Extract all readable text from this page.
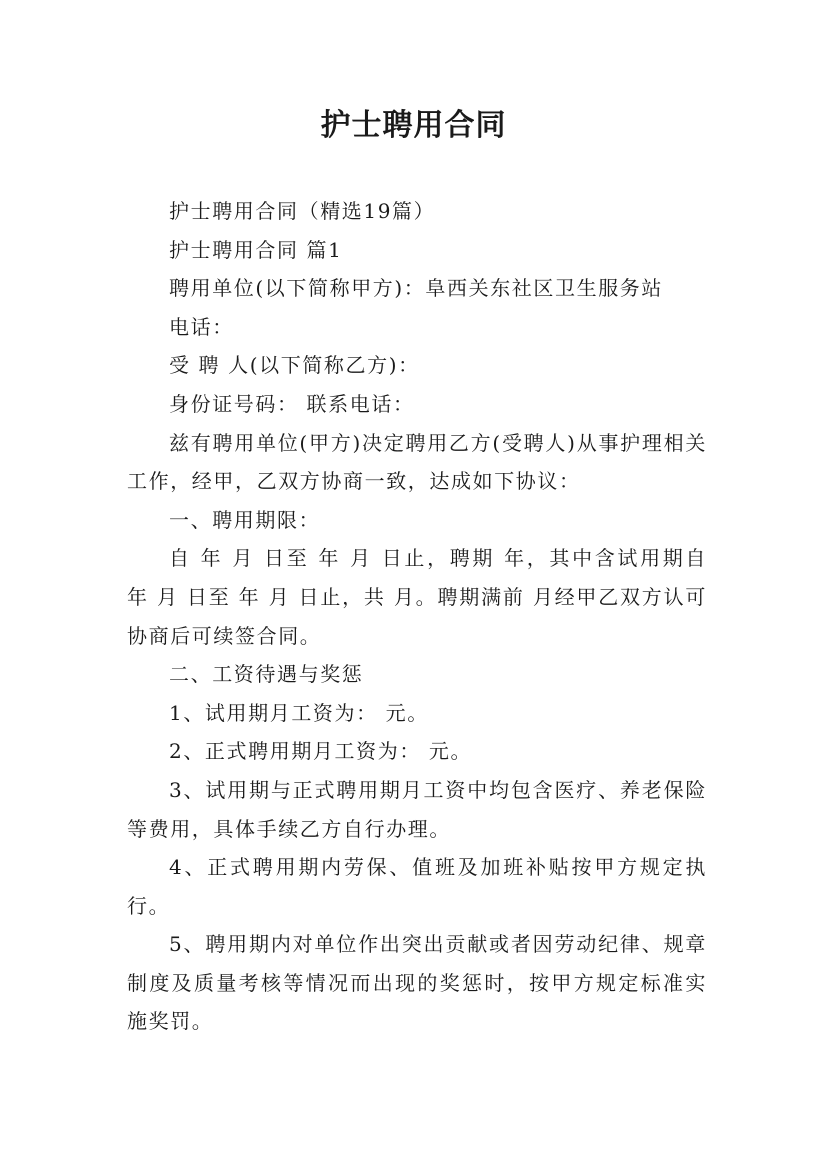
护士聘用合同

护士聘用合同（精选19篇）

护士聘用合同 篇1

聘用单位(以下简称甲方)：阜西关东社区卫生服务站

电话：

受 聘 人(以下简称乙方)：

身份证号码： 联系电话：

兹有聘用单位(甲方)决定聘用乙方(受聘人)从事护理相关工作，经甲，乙双方协商一致，达成如下协议：

一、聘用期限：

自 年 月 日至 年 月 日止，聘期 年，其中含试用期自 年 月 日至 年 月 日止，共 月。聘期满前 月经甲乙双方认可协商后可续签合同。

二、工资待遇与奖惩

1、试用期月工资为： 元。

2、正式聘用期月工资为： 元。

3、试用期与正式聘用期月工资中均包含医疗、养老保险等费用，具体手续乙方自行办理。

4、正式聘用期内劳保、值班及加班补贴按甲方规定执行。

5、聘用期内对单位作出突出贡献或者因劳动纪律、规章制度及质量考核等情况而出现的奖惩时，按甲方规定标准实施奖罚。
